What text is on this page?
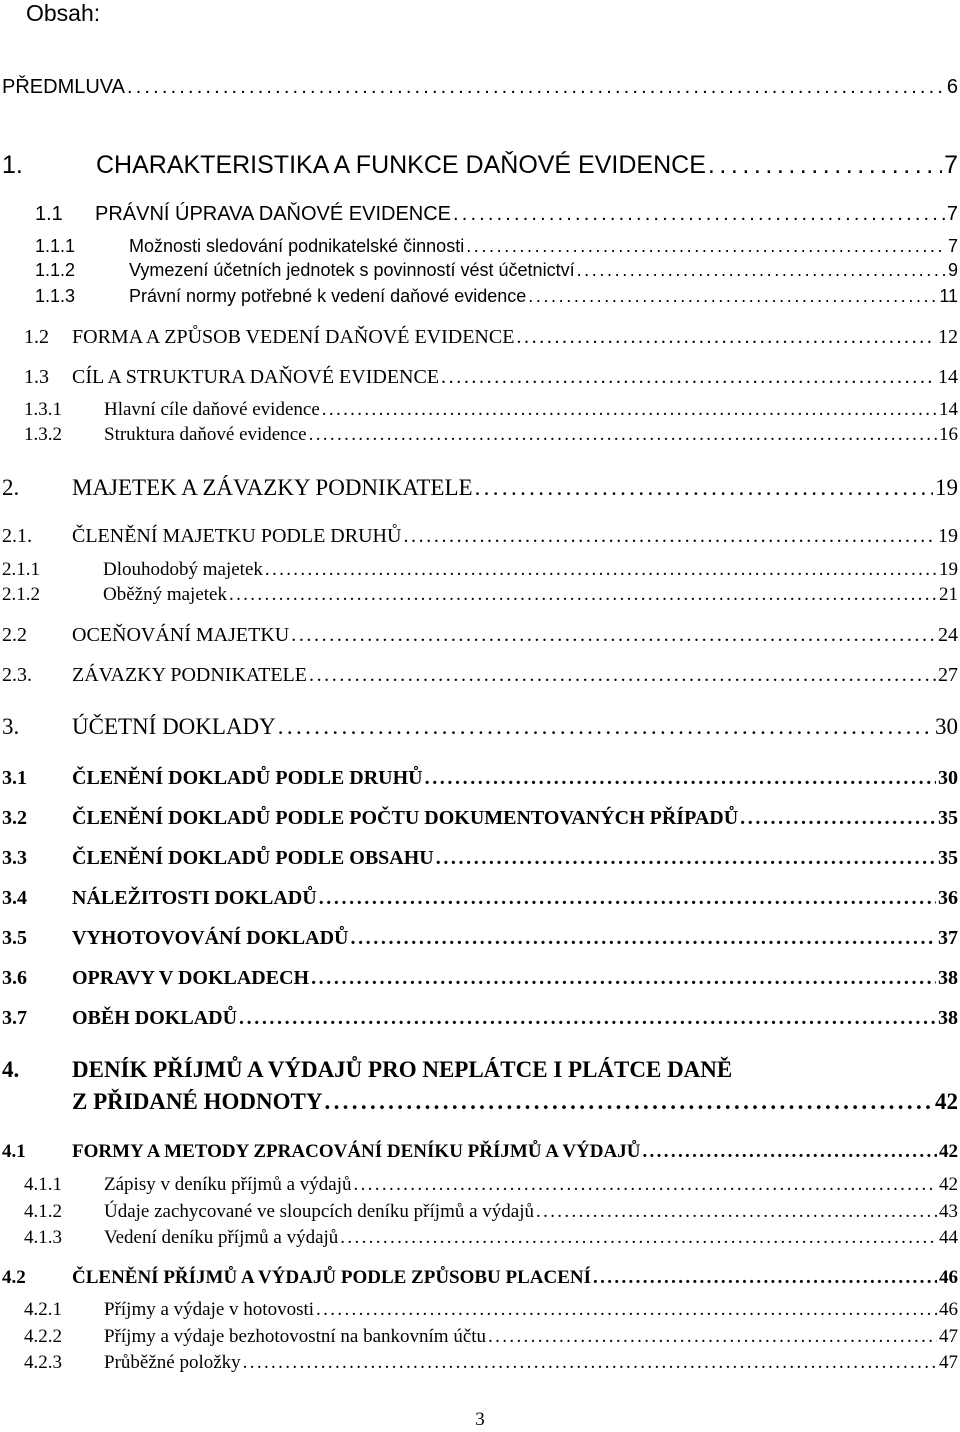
Obsah:
PŘEDMLUVA . . .	6
1.	CHARAKTERISTIKA A FUNKCE DAŇOVÉ EVIDENCE . . .	7
1.1	PRÁVNÍ ÚPRAVA DAŇOVÉ EVIDENCE . . .	7
1.1.1	Možnosti sledování podnikatelské činnosti . . .	7
1.1.2	Vymezení účetních jednotek s povinností vést účetnictví . . .	9
1.1.3	Právní normy potřebné k vedení daňové evidence . . .	11
1.2	FORMA A ZPŮSOB VEDENÍ DAŇOVÉ EVIDENCE . . .	12
1.3	CÍL A STRUKTURA DAŇOVÉ EVIDENCE . . .	14
1.3.1	Hlavní cíle daňové evidence . . .	14
1.3.2	Struktura daňové evidence . . .	16
2.	MAJETEK A ZÁVAZKY PODNIKATELE . . .	19
2.1.	ČLENĚNÍ MAJETKU PODLE DRUHŮ . . .	19
2.1.1	Dlouhodobý majetek . . .	19
2.1.2	Oběžný majetek . . .	21
2.2	OCEŇOVÁNÍ MAJETKU . . .	24
2.3.	ZÁVAZKY PODNIKATELE . . .	27
3.	ÚČETNÍ DOKLADY . . .	30
3.1	ČLENĚNÍ DOKLADŮ PODLE DRUHŮ . . .	30
3.2	ČLENĚNÍ DOKLADŮ PODLE POČTU DOKUMENTOVANÝCH PŘÍPADŮ . . .	35
3.3	ČLENĚNÍ DOKLADŮ PODLE OBSAHU . . .	35
3.4	NÁLEŽITOSTI DOKLADŮ . . .	36
3.5	VYHOTOVOVÁNÍ DOKLADŮ . . .	37
3.6	OPRAVY V DOKLADECH . . .	38
3.7	OBĚH DOKLADŮ . . .	38
4.	DENÍK PŘÍJMŮ A VÝDAJŮ PRO NEPLÁTCE I PLÁTCE DANĚ
Z PŘIDANÉ HODNOTY . . .	42
4.1	FORMY A METODY ZPRACOVÁNÍ DENÍKU PŘÍJMŮ A VÝDAJŮ . . .	42
4.1.1	Zápisy v deníku příjmů a výdajů . . .	42
4.1.2	Údaje zachycované ve sloupcích deníku příjmů a výdajů . . .	43
4.1.3	Vedení deníku příjmů a výdajů . . .	44
4.2	ČLENĚNÍ PŘÍJMŮ A VÝDAJŮ PODLE ZPŮSOBU PLACENÍ . . .	46
4.2.1	Příjmy a výdaje v hotovosti . . .	46
4.2.2	Příjmy a výdaje bezhotovostní na bankovním účtu . . .	47
4.2.3	Průběžné položky . . .	47
3
